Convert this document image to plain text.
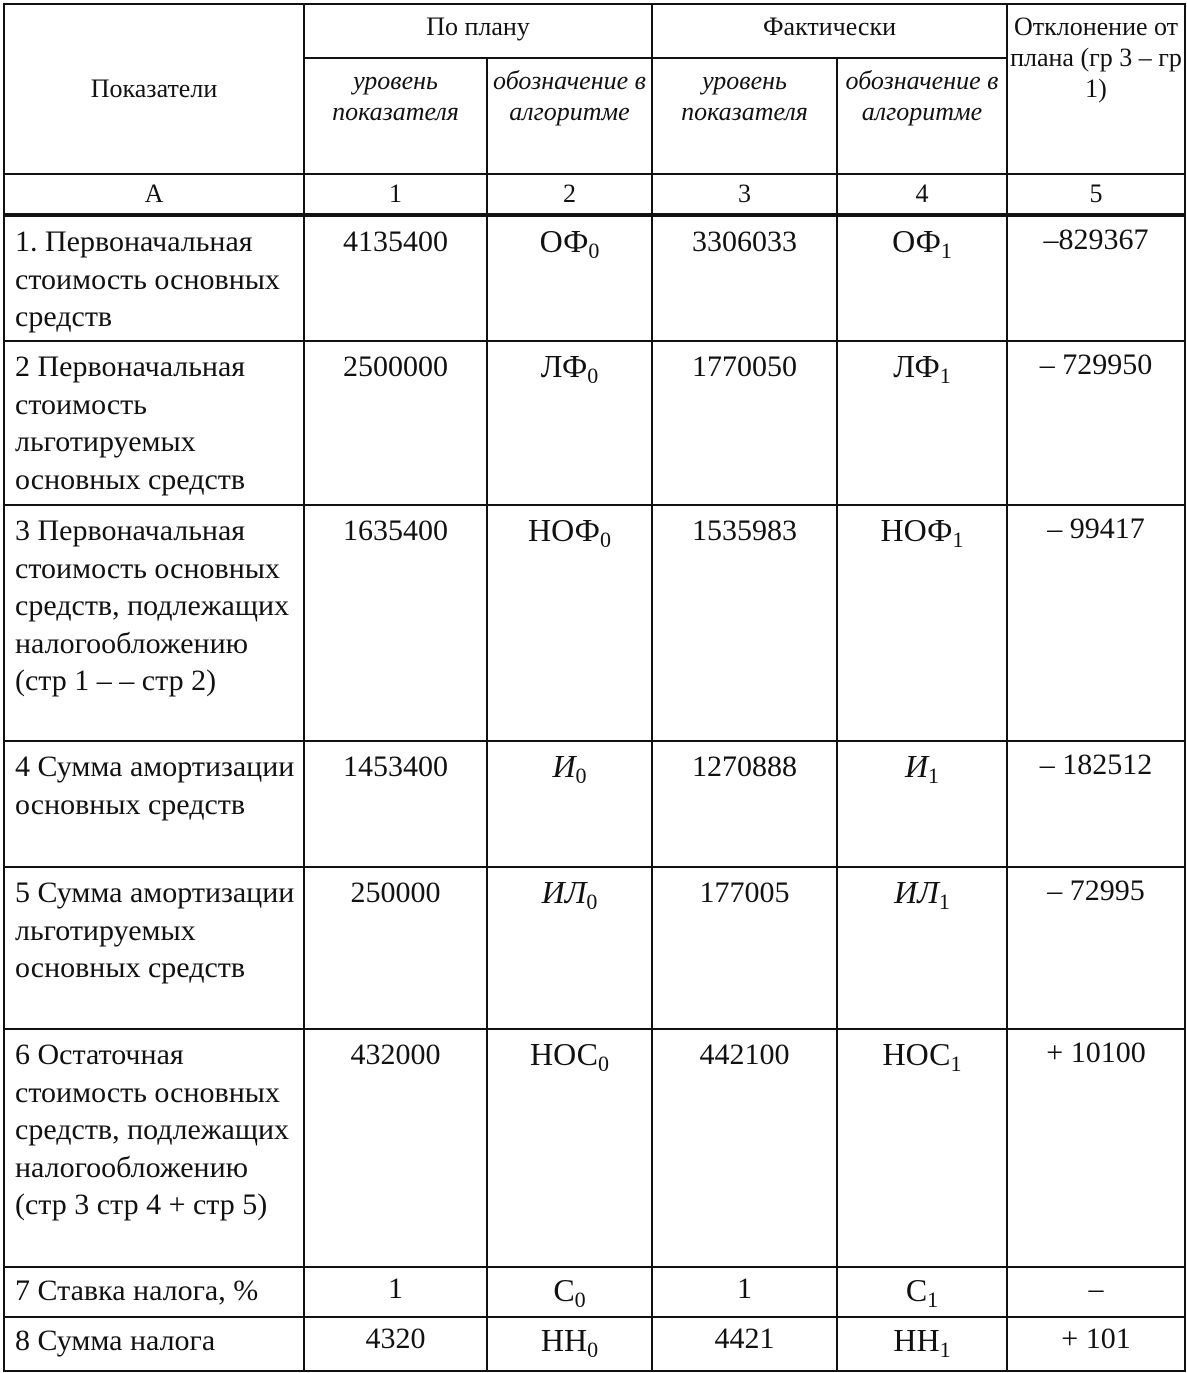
Показатели	По плану		Фактически		Отклонение от плана (гр 3 – гр 1)
	уровень показателя	обозначение в алгоритме	уровень показателя	обозначение в алгоритме	
А	1	2	3	4	5
1. Первоначальная стоимость основных средств	4135400	$ОФ_0$	3306033	$ОФ_1$	–829367
2 Первоначальная стоимость льготируемых основных средств	2500000	$ЛФ_0$	1770050	$ЛФ_1$	– 729950
3 Первоначальная стоимость основных средств, подлежащих налогообложению (стр 1 – – стр 2)	1635400	$НОФ_0$	1535983	$НОФ_1$	– 99417
4 Сумма амортизации основных средств	1453400	$И_0$	1270888	$И_1$	– 182512
5 Сумма амортизации льготируемых основных средств	250000	$ИЛ_0$	177005	$ИЛ_1$	– 72995
6 Остаточная стоимость основных средств, подлежащих налогообложению (стр 3 стр 4 + стр 5)	432000	$НОС_0$	442100	$НОС_1$	+ 10100
7 Ставка налога, %	1	$С_0$	1	$С_1$	–
8 Сумма налога	4320	$НН_0$	4421	$НН_1$	+ 101
